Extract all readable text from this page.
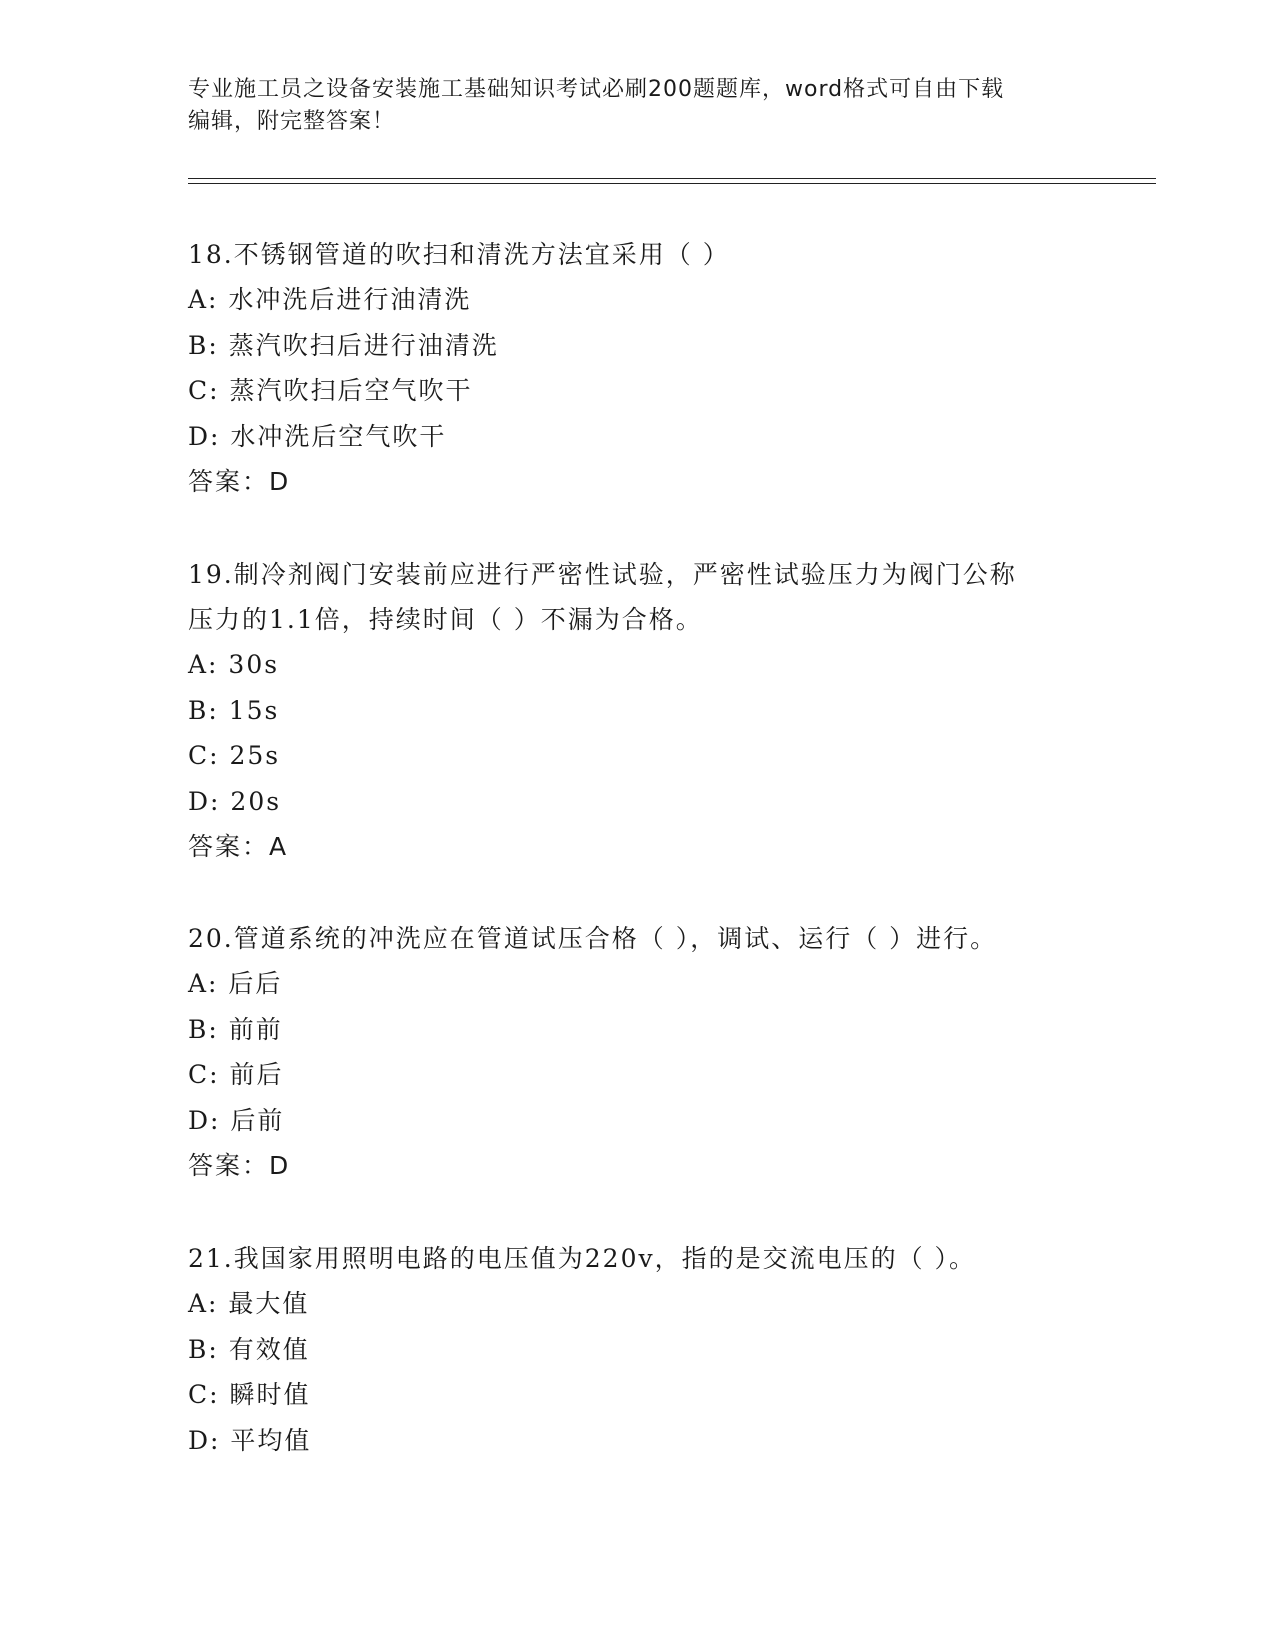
专业施工员之设备安装施工基础知识考试必刷200题题库，word格式可自由下载
编辑，附完整答案！

18.不锈钢管道的吹扫和清洗方法宜采用（ ）

A: 水冲洗后进行油清洗

B: 蒸汽吹扫后进行油清洗

C: 蒸汽吹扫后空气吹干

D: 水冲洗后空气吹干

答案：D

19.制冷剂阀门安装前应进行严密性试验，严密性试验压力为阀门公称

压力的1.1倍，持续时间（ ）不漏为合格。

A: 30s

B: 15s

C: 25s

D: 20s

答案：A

20.管道系统的冲洗应在管道试压合格（ ），调试、运行（ ）进行。

A: 后后

B: 前前

C: 前后

D: 后前

答案：D

21.我国家用照明电路的电压值为220v，指的是交流电压的（ ）。

A: 最大值

B: 有效值

C: 瞬时值

D: 平均值
